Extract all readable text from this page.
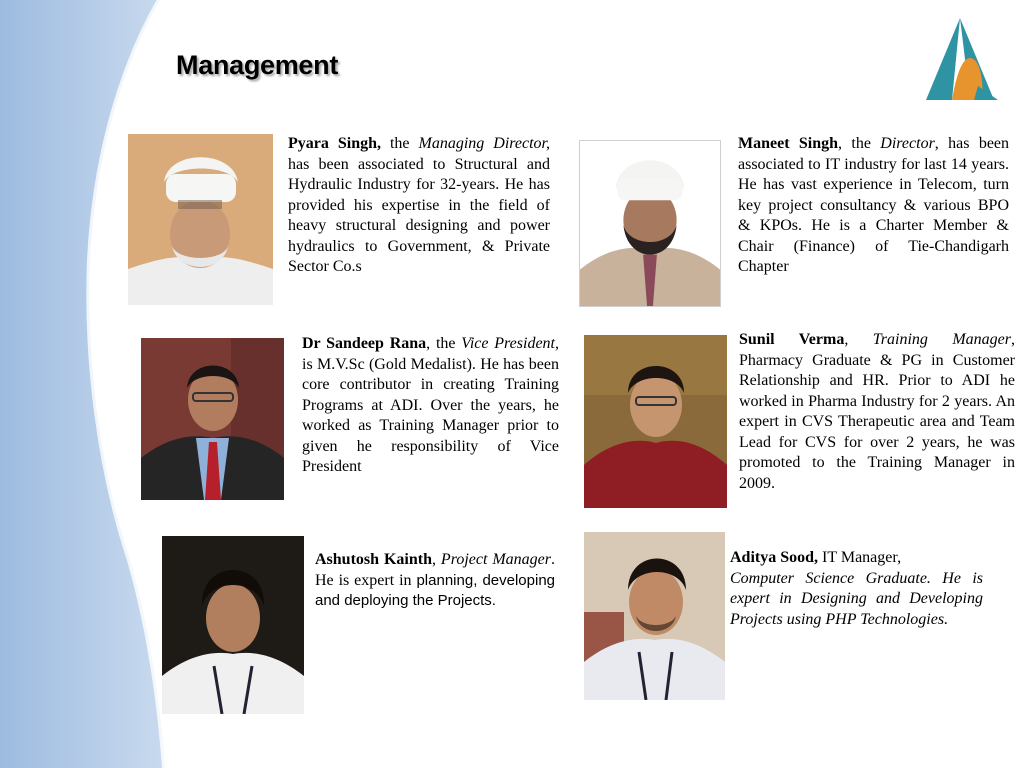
Management
Pyara Singh, the Managing Director, has been associated to Structural and Hydraulic Industry for 32-years. He has provided his expertise in the field of heavy structural designing and power hydraulics to Government, & Private Sector Co.s
Maneet Singh, the Director, has been associated to IT industry for last 14 years. He has vast experience in Telecom, turn key project consultancy & various BPO & KPOs. He is a Charter Member & Chair (Finance) of Tie-Chandigarh Chapter
Dr Sandeep Rana, the Vice President, is M.V.Sc (Gold Medalist). He has been core contributor in creating Training Programs at ADI. Over the years, he worked as Training Manager prior to given he responsibility of Vice President
Sunil Verma, Training Manager, Pharmacy Graduate & PG in Customer Relationship and HR. Prior to ADI he worked in Pharma Industry for 2 years. An expert in CVS Therapeutic area and Team Lead for CVS for over 2 years, he was promoted to the Training Manager in 2009.
Ashutosh Kainth, Project Manager. He is expert in planning, developing and deploying the Projects.
Aditya Sood, IT Manager,
Computer Science Graduate. He is expert in Designing and Developing Projects using PHP Technologies.
